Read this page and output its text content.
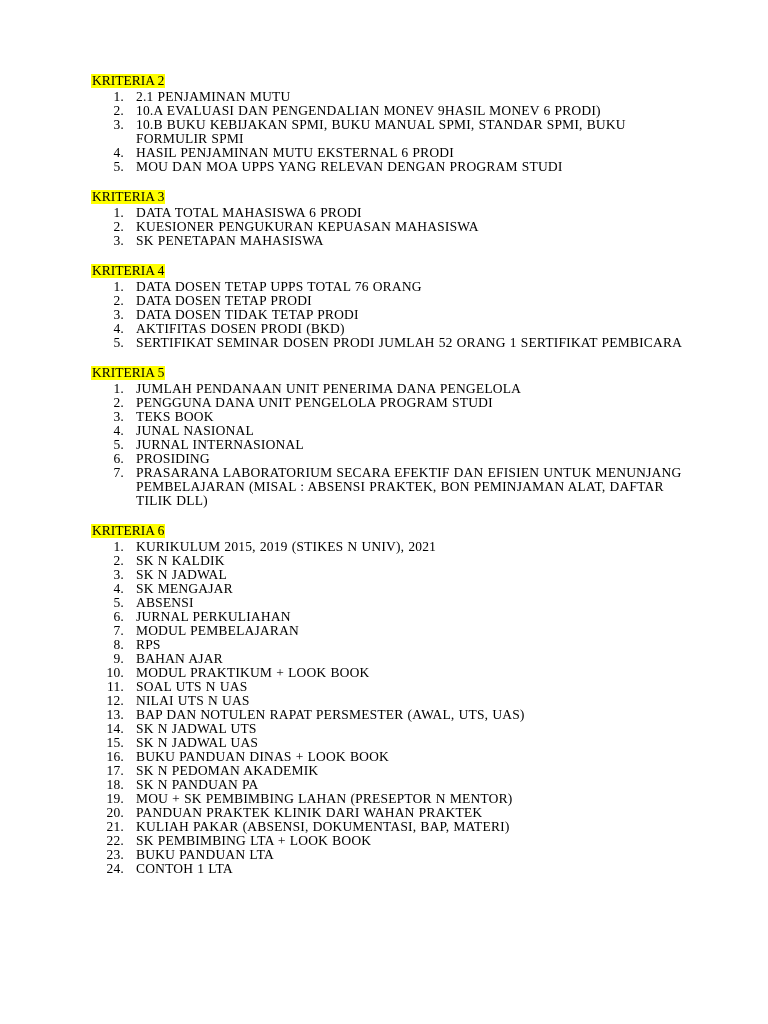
KRITERIA 2
1. 2.1 PENJAMINAN MUTU
2. 10.A EVALUASI DAN PENGENDALIAN MONEV 9HASIL MONEV 6 PRODI)
3. 10.B BUKU KEBIJAKAN SPMI, BUKU MANUAL SPMI, STANDAR SPMI, BUKU FORMULIR SPMI
4. HASIL PENJAMINAN MUTU EKSTERNAL 6 PRODI
5. MOU DAN MOA UPPS YANG RELEVAN DENGAN PROGRAM STUDI
KRITERIA 3
1. DATA TOTAL MAHASISWA 6 PRODI
2. KUESIONER PENGUKURAN KEPUASAN MAHASISWA
3. SK PENETAPAN MAHASISWA
KRITERIA 4
1. DATA DOSEN TETAP UPPS TOTAL 76 ORANG
2. DATA DOSEN TETAP PRODI
3. DATA DOSEN TIDAK TETAP PRODI
4. AKTIFITAS DOSEN PRODI (BKD)
5. SERTIFIKAT SEMINAR DOSEN PRODI JUMLAH 52 ORANG 1 SERTIFIKAT PEMBICARA
KRITERIA 5
1. JUMLAH PENDANAAN UNIT PENERIMA DANA PENGELOLA
2. PENGGUNA DANA UNIT PENGELOLA PROGRAM STUDI
3. TEKS BOOK
4. JUNAL NASIONAL
5. JURNAL INTERNASIONAL
6. PROSIDING
7. PRASARANA LABORATORIUM SECARA EFEKTIF DAN EFISIEN UNTUK MENUNJANG PEMBELAJARAN (MISAL : ABSENSI PRAKTEK, BON PEMINJAMAN ALAT, DAFTAR TILIK DLL)
KRITERIA 6
1. KURIKULUM 2015, 2019 (STIKES N UNIV), 2021
2. SK N KALDIK
3. SK N JADWAL
4. SK MENGAJAR
5. ABSENSI
6. JURNAL PERKULIAHAN
7. MODUL PEMBELAJARAN
8. RPS
9. BAHAN AJAR
10. MODUL PRAKTIKUM + LOOK BOOK
11. SOAL UTS N UAS
12. NILAI UTS N UAS
13. BAP DAN NOTULEN RAPAT PERSMESTER (AWAL, UTS, UAS)
14. SK N JADWAL UTS
15. SK N JADWAL UAS
16. BUKU PANDUAN DINAS + LOOK BOOK
17. SK N PEDOMAN AKADEMIK
18. SK N PANDUAN PA
19. MOU + SK PEMBIMBING LAHAN (PRESEPTOR N MENTOR)
20. PANDUAN PRAKTEK KLINIK DARI WAHAN PRAKTEK
21. KULIAH PAKAR (ABSENSI, DOKUMENTASI, BAP, MATERI)
22. SK PEMBIMBING LTA + LOOK BOOK
23. BUKU PANDUAN LTA
24. CONTOH 1 LTA
